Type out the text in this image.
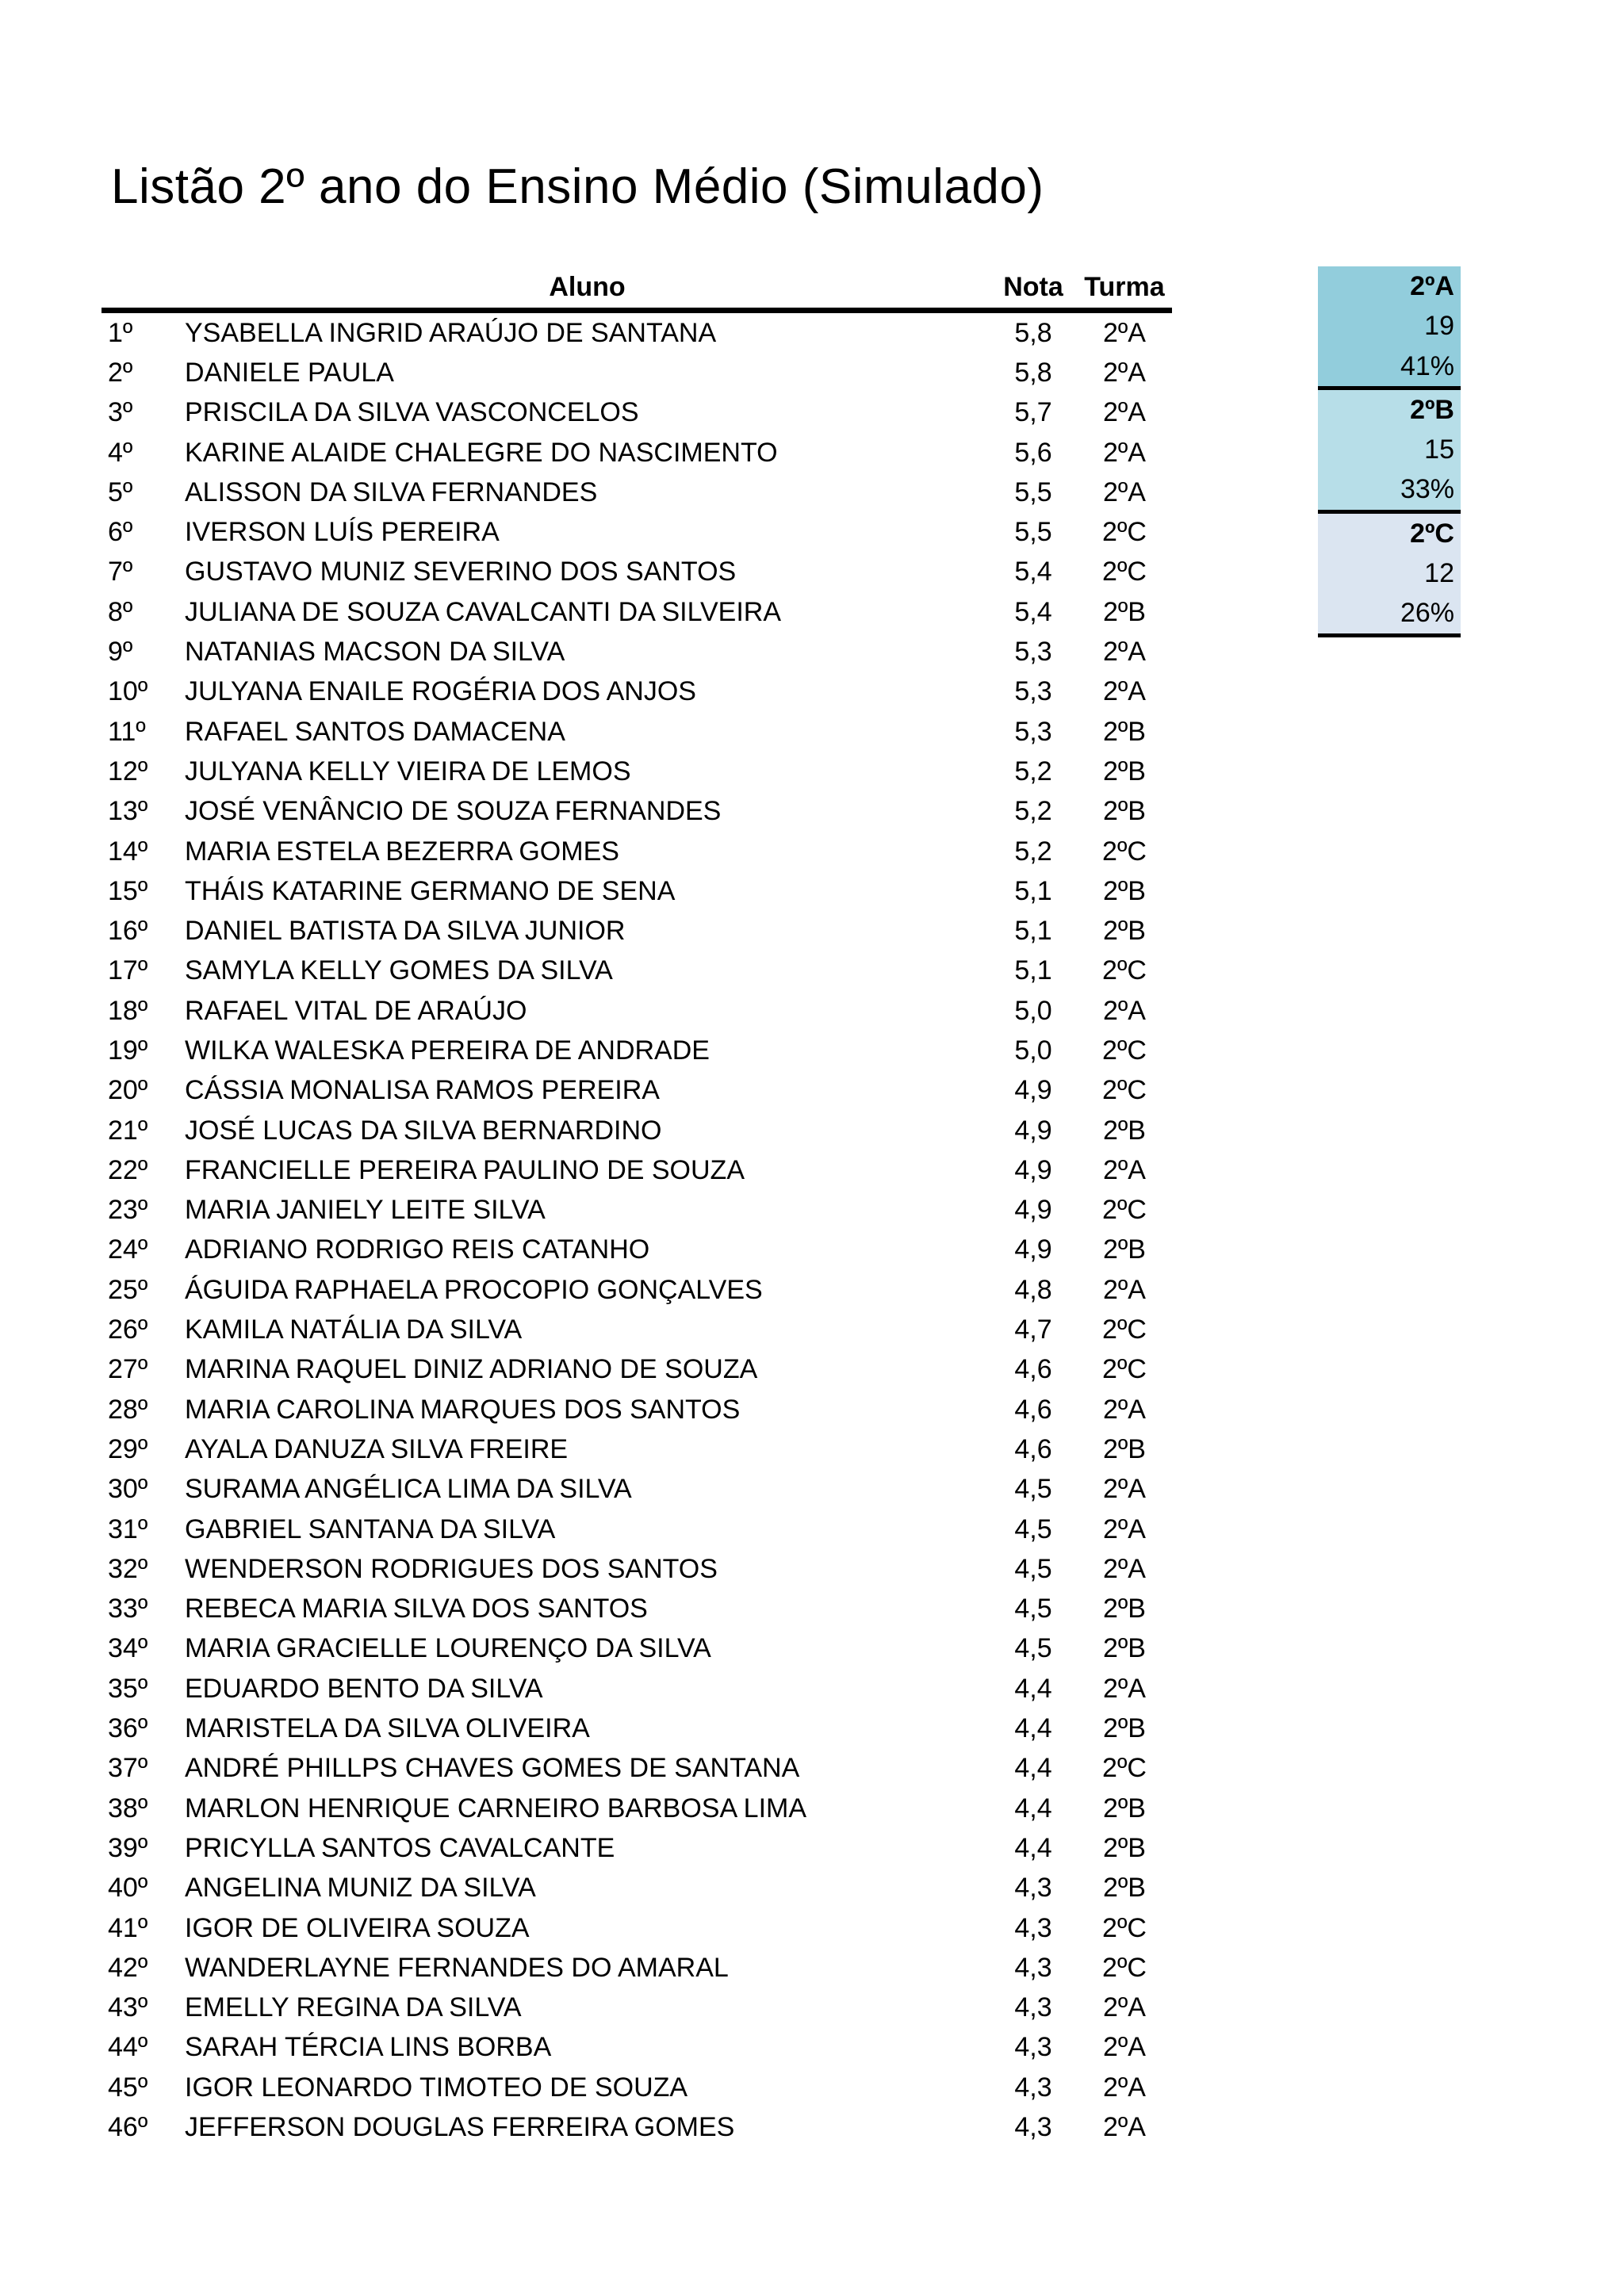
Listão 2º ano do Ensino Médio (Simulado)
	Aluno	Nota	Turma
1º	YSABELLA INGRID ARAÚJO DE SANTANA	5,8	2ºA
2º	DANIELE PAULA	5,8	2ºA
3º	PRISCILA DA SILVA VASCONCELOS	5,7	2ºA
4º	KARINE ALAIDE CHALEGRE DO NASCIMENTO	5,6	2ºA
5º	ALISSON DA SILVA FERNANDES	5,5	2ºA
6º	IVERSON LUÍS PEREIRA	5,5	2ºC
7º	GUSTAVO MUNIZ SEVERINO DOS SANTOS	5,4	2ºC
8º	JULIANA DE SOUZA CAVALCANTI DA SILVEIRA	5,4	2ºB
9º	NATANIAS MACSON DA SILVA	5,3	2ºA
10º	JULYANA ENAILE ROGÉRIA DOS ANJOS	5,3	2ºA
11º	RAFAEL SANTOS DAMACENA	5,3	2ºB
12º	JULYANA KELLY VIEIRA DE LEMOS	5,2	2ºB
13º	JOSÉ VENÂNCIO DE SOUZA FERNANDES	5,2	2ºB
14º	MARIA ESTELA BEZERRA GOMES	5,2	2ºC
15º	THÁIS KATARINE GERMANO DE SENA	5,1	2ºB
16º	DANIEL BATISTA DA SILVA JUNIOR	5,1	2ºB
17º	SAMYLA KELLY GOMES DA SILVA	5,1	2ºC
18º	RAFAEL VITAL DE ARAÚJO	5,0	2ºA
19º	WILKA WALESKA PEREIRA DE ANDRADE	5,0	2ºC
20º	CÁSSIA MONALISA RAMOS PEREIRA	4,9	2ºC
21º	JOSÉ LUCAS DA SILVA BERNARDINO	4,9	2ºB
22º	FRANCIELLE PEREIRA PAULINO DE SOUZA	4,9	2ºA
23º	MARIA JANIELY LEITE SILVA	4,9	2ºC
24º	ADRIANO RODRIGO REIS CATANHO	4,9	2ºB
25º	ÁGUIDA RAPHAELA PROCOPIO GONÇALVES	4,8	2ºA
26º	KAMILA NATÁLIA DA SILVA	4,7	2ºC
27º	MARINA RAQUEL DINIZ ADRIANO DE SOUZA	4,6	2ºC
28º	MARIA CAROLINA MARQUES DOS SANTOS	4,6	2ºA
29º	AYALA DANUZA SILVA FREIRE	4,6	2ºB
30º	SURAMA ANGÉLICA LIMA DA SILVA	4,5	2ºA
31º	GABRIEL SANTANA DA SILVA	4,5	2ºA
32º	WENDERSON RODRIGUES DOS SANTOS	4,5	2ºA
33º	REBECA MARIA SILVA DOS SANTOS	4,5	2ºB
34º	MARIA GRACIELLE LOURENÇO DA SILVA	4,5	2ºB
35º	EDUARDO BENTO DA SILVA	4,4	2ºA
36º	MARISTELA DA SILVA OLIVEIRA	4,4	2ºB
37º	ANDRÉ PHILLPS CHAVES GOMES DE SANTANA	4,4	2ºC
38º	MARLON HENRIQUE CARNEIRO BARBOSA LIMA	4,4	2ºB
39º	PRICYLLA SANTOS CAVALCANTE	4,4	2ºB
40º	ANGELINA MUNIZ DA SILVA	4,3	2ºB
41º	IGOR DE OLIVEIRA SOUZA	4,3	2ºC
42º	WANDERLAYNE FERNANDES DO AMARAL	4,3	2ºC
43º	EMELLY REGINA DA SILVA	4,3	2ºA
44º	SARAH TÉRCIA LINS BORBA	4,3	2ºA
45º	IGOR LEONARDO TIMOTEO DE SOUZA	4,3	2ºA
46º	JEFFERSON DOUGLAS FERREIRA GOMES	4,3	2ºA
2ºA
19
41%
2ºB
15
33%
2ºC
12
26%
